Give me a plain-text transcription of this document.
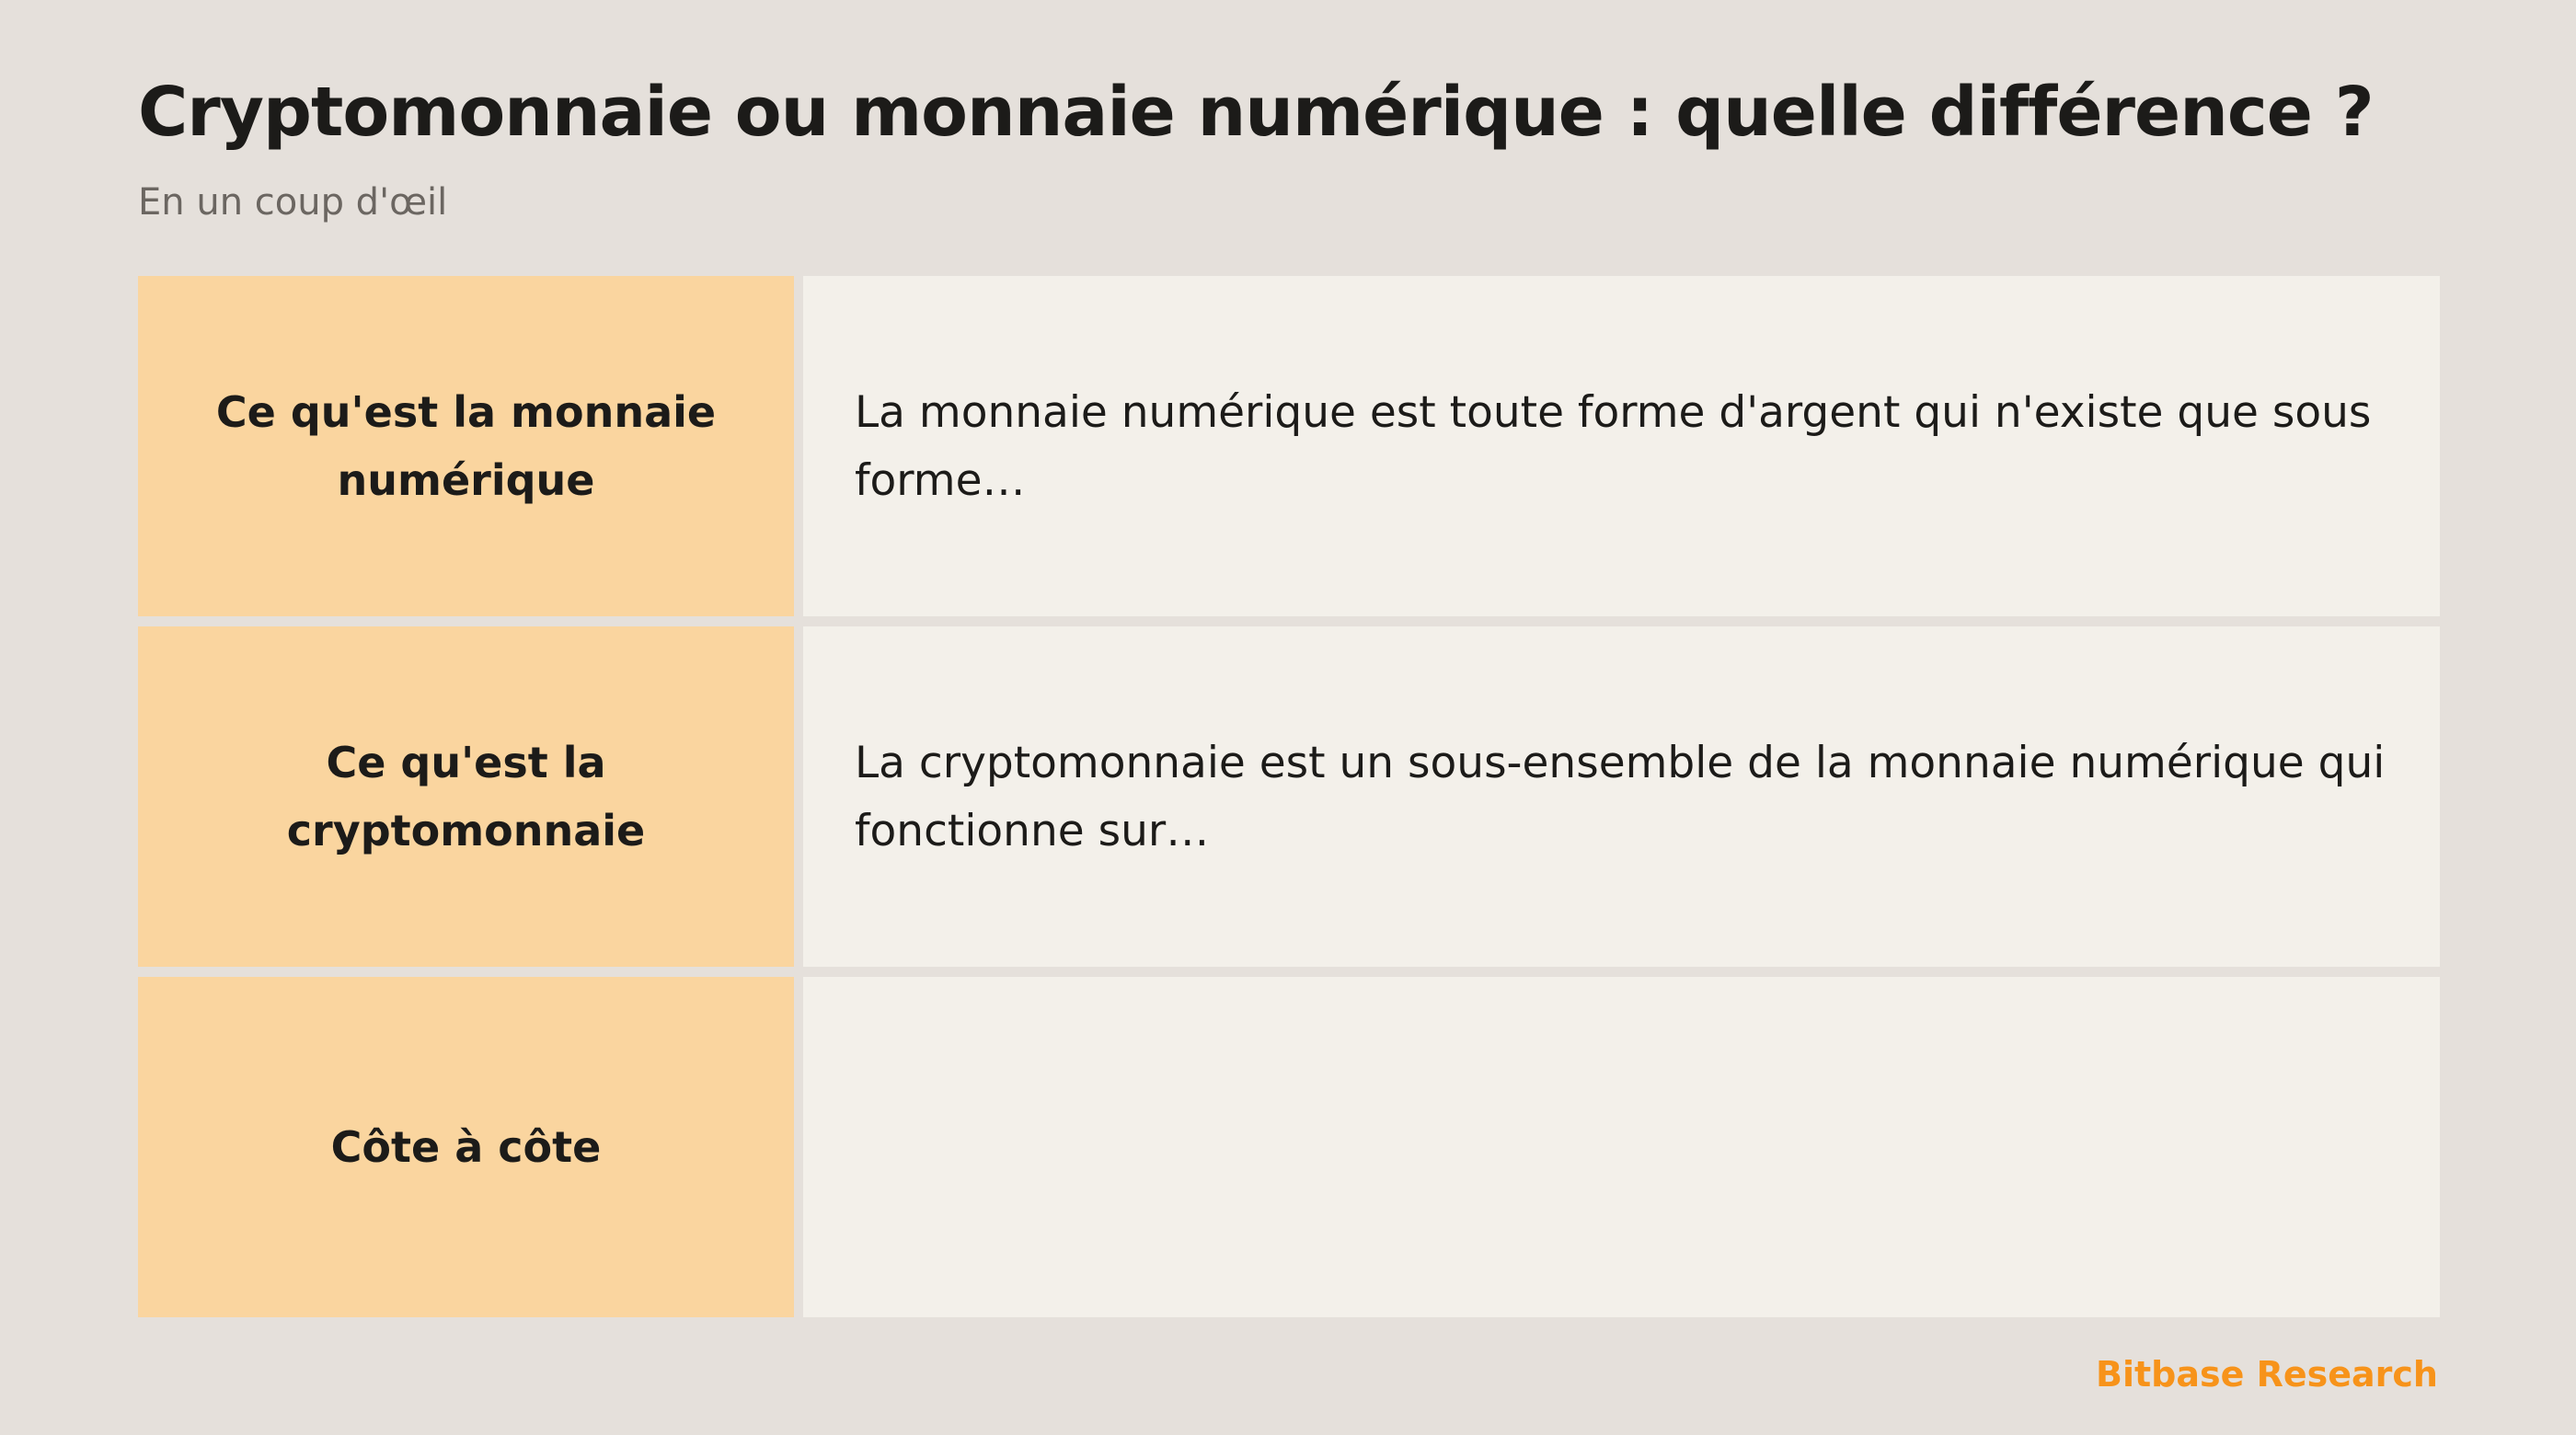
Cryptomonnaie ou monnaie numérique : quelle différence ?

En un coup d'œil

Ce qu'est la monnaie numérique
La monnaie numérique est toute forme d'argent qui n'existe que sous forme…
Ce qu'est la cryptomonnaie
La cryptomonnaie est un sous-ensemble de la monnaie numérique qui fonctionne sur…
Côte à côte

Bitbase Research
